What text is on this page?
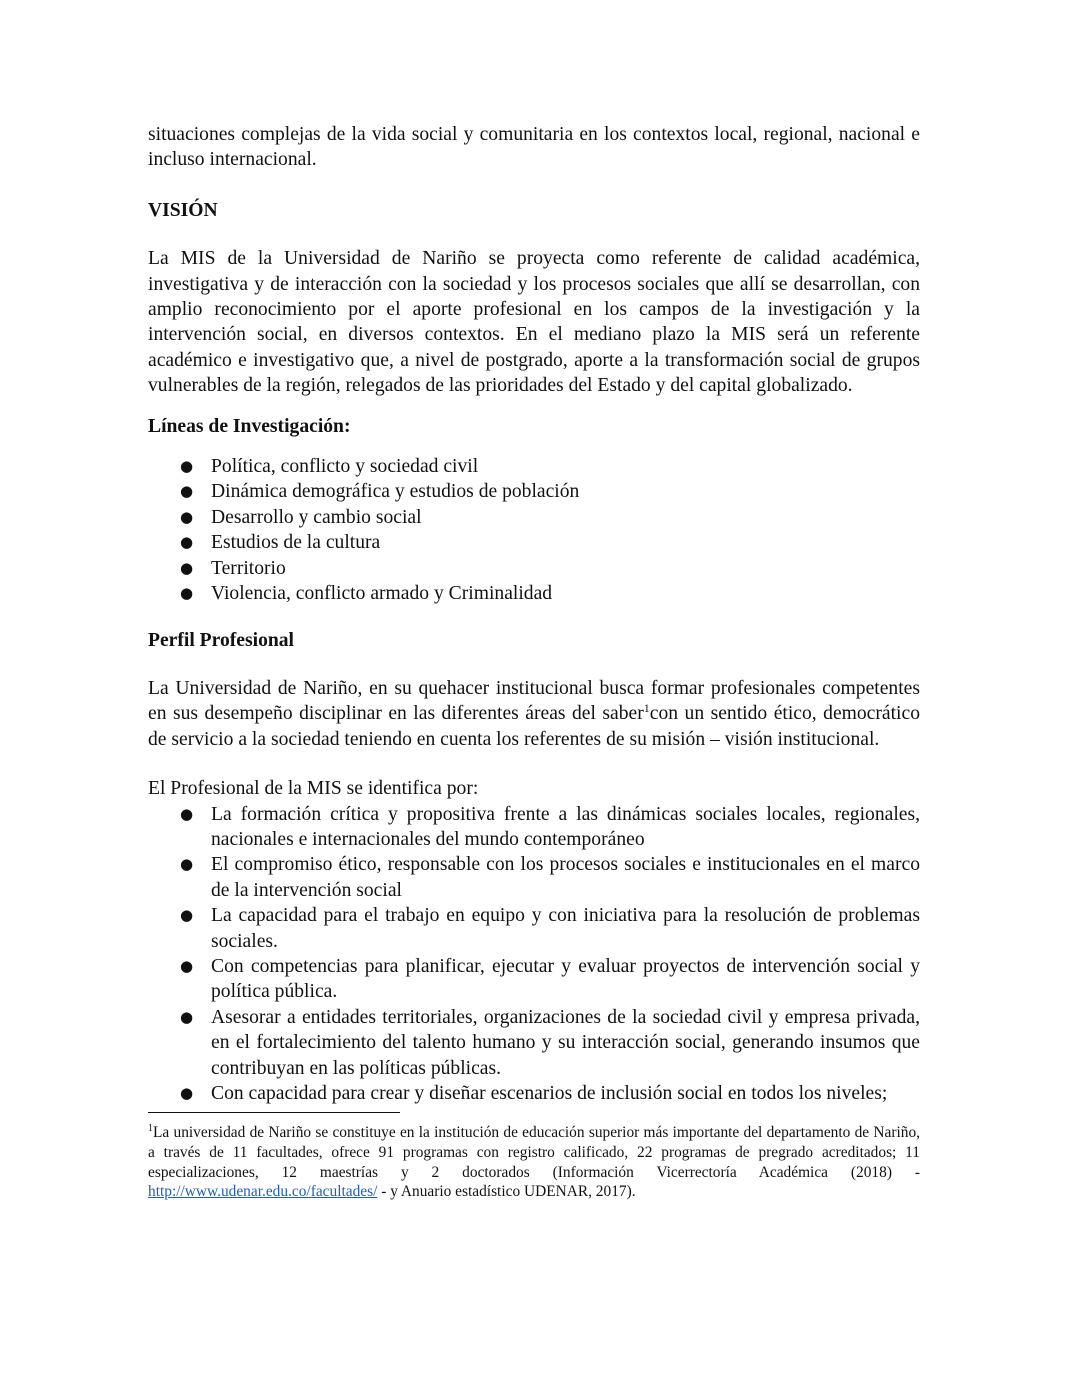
situaciones complejas de la vida social y comunitaria en los contextos local, regional, nacional e incluso internacional.

VISIÓN

La MIS de la Universidad de Nariño se proyecta como referente de calidad académica, investigativa y de interacción con la sociedad y los procesos sociales que allí se desarrollan, con amplio reconocimiento por el aporte profesional en los campos de la investigación y la intervención social, en diversos contextos. En el mediano plazo la MIS será un referente académico e investigativo que, a nivel de postgrado, aporte a la transformación social de grupos vulnerables de la región, relegados de las prioridades del Estado y del capital globalizado.

Líneas de Investigación:

● Política, conflicto y sociedad civil
● Dinámica demográfica y estudios de población
● Desarrollo y cambio social
● Estudios de la cultura
● Territorio
● Violencia, conflicto armado y Criminalidad

Perfil Profesional

La Universidad de Nariño, en su quehacer institucional busca formar profesionales competentes en sus desempeño disciplinar en las diferentes áreas del saber$^1$con un sentido ético, democrático de servicio a la sociedad teniendo en cuenta los referentes de su misión – visión institucional.

El Profesional de la MIS se identifica por:

● La formación crítica y propositiva frente a las dinámicas sociales locales, regionales, nacionales e internacionales del mundo contemporáneo
● El compromiso ético, responsable con los procesos sociales e institucionales en el marco de la intervención social
● La capacidad para el trabajo en equipo y con iniciativa para la resolución de problemas sociales.
● Con competencias para planificar, ejecutar y evaluar proyectos de intervención social y política pública.
● Asesorar a entidades territoriales, organizaciones de la sociedad civil y empresa privada, en el fortalecimiento del talento humano y su interacción social, generando insumos que contribuyan en las políticas públicas.
● Con capacidad para crear y diseñar escenarios de inclusión social en todos los niveles;

$^1$La universidad de Nariño se constituye en la institución de educación superior más importante del departamento de Nariño, a través de 11 facultades, ofrece 91 programas con registro calificado, 22 programas de pregrado acreditados; 11 especializaciones, 12 maestrías y 2 doctorados (Información Vicerrectoría Académica (2018) - http://www.udenar.edu.co/facultades/ - y Anuario estadístico UDENAR, 2017).
